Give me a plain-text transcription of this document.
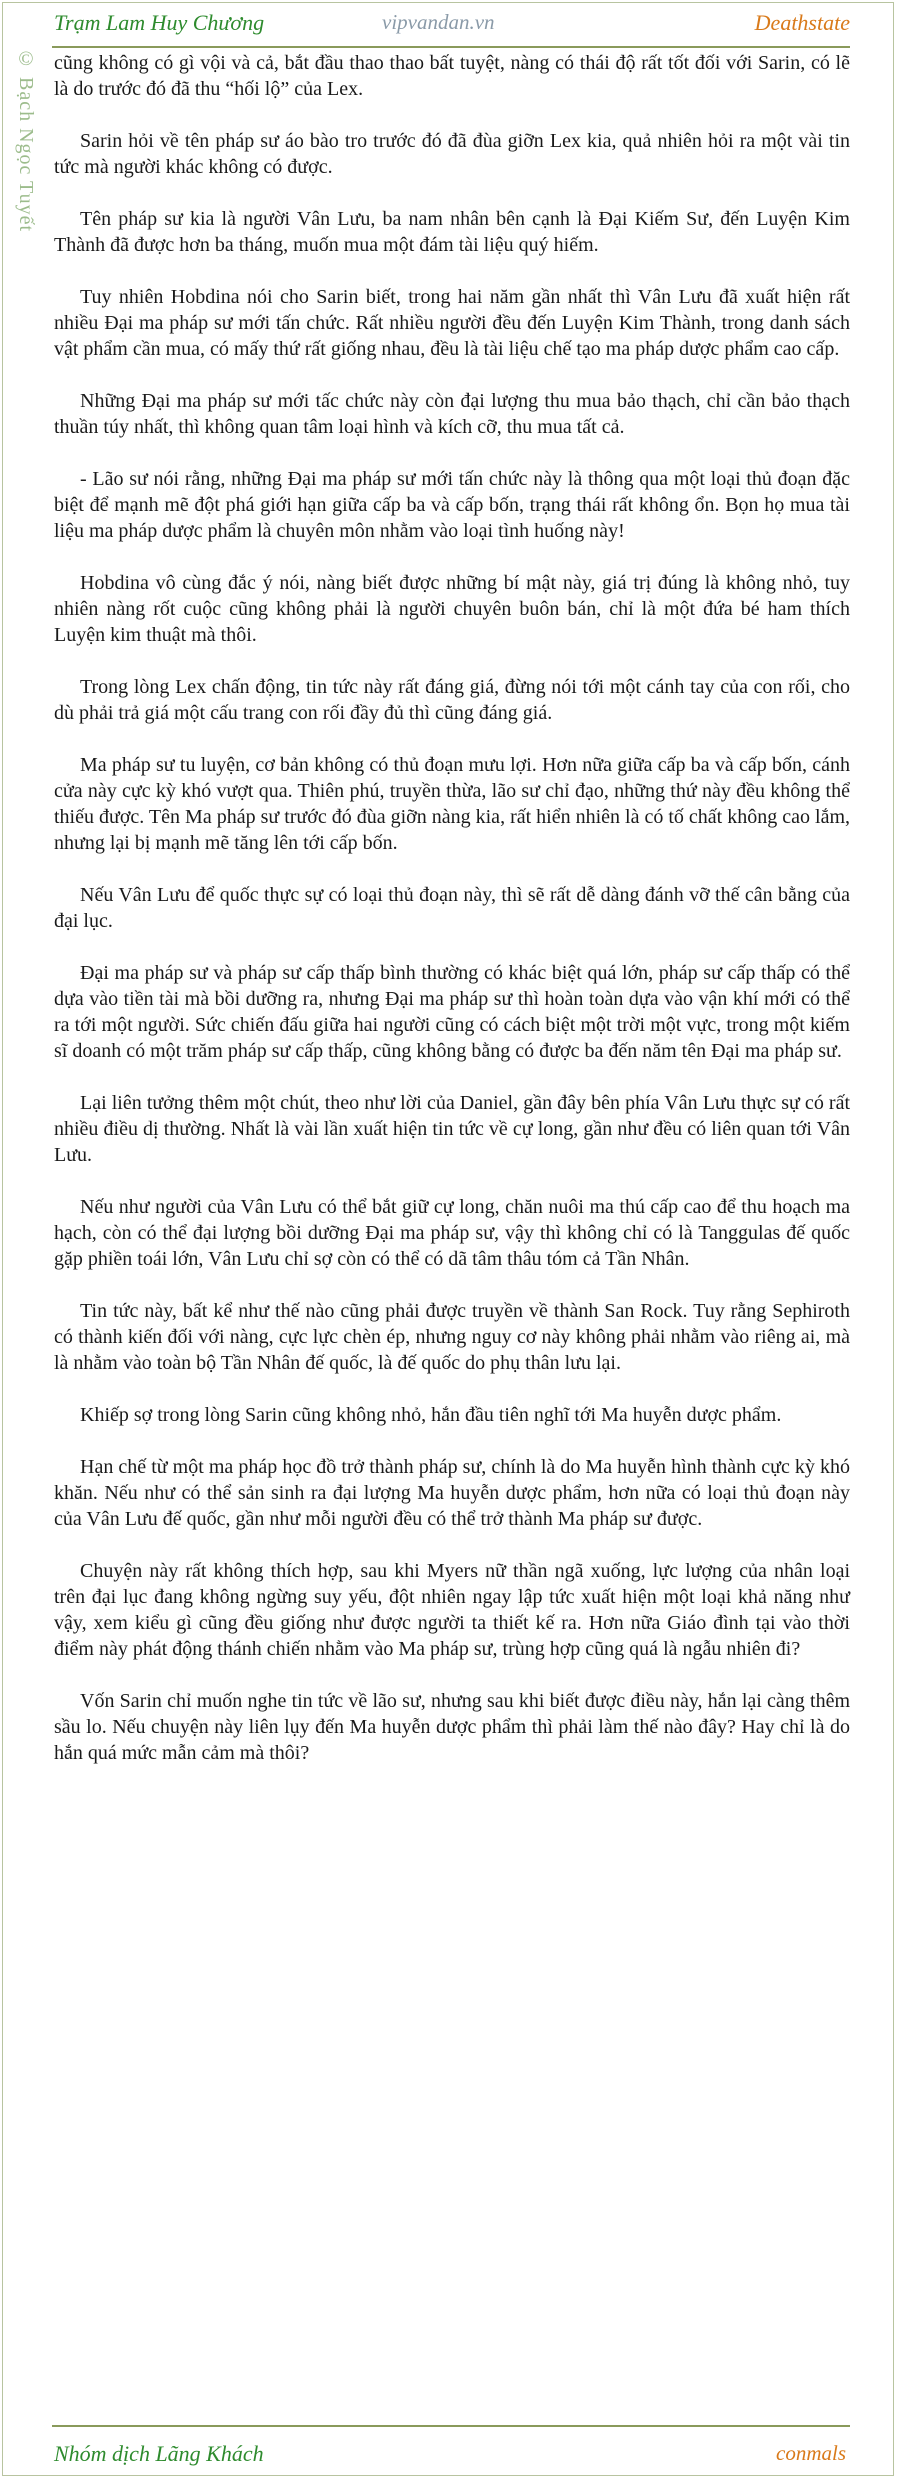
Trạm Lam Huy Chương	vipvandan.vn	Deathstate
© Bạch Ngọc Tuyết cũng không có gì vội và cả, bắt đầu thao thao bất tuyệt, nàng có thái độ rất tốt đối với Sarin, có lẽ là do trước đó đã thu “hối lộ” của Lex.

Sarin hỏi về tên pháp sư áo bào tro trước đó đã đùa giỡn Lex kia, quả nhiên hỏi ra một vài tin tức mà người khác không có được.

Tên pháp sư kia là người Vân Lưu, ba nam nhân bên cạnh là Đại Kiếm Sư, đến Luyện Kim Thành đã được hơn ba tháng, muốn mua một đám tài liệu quý hiếm.

Tuy nhiên Hobdina nói cho Sarin biết, trong hai năm gần nhất thì Vân Lưu đã xuất hiện rất nhiều Đại ma pháp sư mới tấn chức. Rất nhiều người đều đến Luyện Kim Thành, trong danh sách vật phẩm cần mua, có mấy thứ rất giống nhau, đều là tài liệu chế tạo ma pháp dược phẩm cao cấp.

Những Đại ma pháp sư mới tấc chức này còn đại lượng thu mua bảo thạch, chỉ cần bảo thạch thuần túy nhất, thì không quan tâm loại hình và kích cỡ, thu mua tất cả.

- Lão sư nói rằng, những Đại ma pháp sư mới tấn chức này là thông qua một loại thủ đoạn đặc biệt để mạnh mẽ đột phá giới hạn giữa cấp ba và cấp bốn, trạng thái rất không ổn. Bọn họ mua tài liệu ma pháp dược phẩm là chuyên môn nhằm vào loại tình huống này!

Hobdina vô cùng đắc ý nói, nàng biết được những bí mật này, giá trị đúng là không nhỏ, tuy nhiên nàng rốt cuộc cũng không phải là người chuyên buôn bán, chỉ là một đứa bé ham thích Luyện kim thuật mà thôi.

Trong lòng Lex chấn động, tin tức này rất đáng giá, đừng nói tới một cánh tay của con rối, cho dù phải trả giá một cấu trang con rối đầy đủ thì cũng đáng giá.

Ma pháp sư tu luyện, cơ bản không có thủ đoạn mưu lợi. Hơn nữa giữa cấp ba và cấp bốn, cánh cửa này cực kỳ khó vượt qua. Thiên phú, truyền thừa, lão sư chỉ đạo, những thứ này đều không thể thiếu được. Tên Ma pháp sư trước đó đùa giỡn nàng kia, rất hiển nhiên là có tố chất không cao lắm, nhưng lại bị mạnh mẽ tăng lên tới cấp bốn.

Nếu Vân Lưu để quốc thực sự có loại thủ đoạn này, thì sẽ rất dễ dàng đánh vỡ thế cân bằng của đại lục.

Đại ma pháp sư và pháp sư cấp thấp bình thường có khác biệt quá lớn, pháp sư cấp thấp có thể dựa vào tiền tài mà bồi dưỡng ra, nhưng Đại ma pháp sư thì hoàn toàn dựa vào vận khí mới có thể ra tới một người. Sức chiến đấu giữa hai người cũng có cách biệt một trời một vực, trong một kiếm sĩ doanh có một trăm pháp sư cấp thấp, cũng không bằng có được ba đến năm tên Đại ma pháp sư.

Lại liên tưởng thêm một chút, theo như lời của Daniel, gần đây bên phía Vân Lưu thực sự có rất nhiều điều dị thường. Nhất là vài lần xuất hiện tin tức về cự long, gần như đều có liên quan tới Vân Lưu.

Nếu như người của Vân Lưu có thể bắt giữ cự long, chăn nuôi ma thú cấp cao để thu hoạch ma hạch, còn có thể đại lượng bồi dưỡng Đại ma pháp sư, vậy thì không chỉ có là Tanggulas đế quốc gặp phiền toái lớn, Vân Lưu chỉ sợ còn có thể có dã tâm thâu tóm cả Tần Nhân.

Tin tức này, bất kể như thế nào cũng phải được truyền về thành San Rock. Tuy rằng Sephiroth có thành kiến đối với nàng, cực lực chèn ép, nhưng nguy cơ này không phải nhằm vào riêng ai, mà là nhằm vào toàn bộ Tần Nhân đế quốc, là đế quốc do phụ thân lưu lại.

Khiếp sợ trong lòng Sarin cũng không nhỏ, hắn đầu tiên nghĩ tới Ma huyễn dược phẩm.

Hạn chế từ một ma pháp học đồ trở thành pháp sư, chính là do Ma huyễn hình thành cực kỳ khó khăn. Nếu như có thể sản sinh ra đại lượng Ma huyễn dược phẩm, hơn nữa có loại thủ đoạn này của Vân Lưu đế quốc, gần như mỗi người đều có thể trở thành Ma pháp sư được.

Chuyện này rất không thích hợp, sau khi Myers nữ thần ngã xuống, lực lượng của nhân loại trên đại lục đang không ngừng suy yếu, đột nhiên ngay lập tức xuất hiện một loại khả năng như vậy, xem kiểu gì cũng đều giống như được người ta thiết kế ra. Hơn nữa Giáo đình tại vào thời điểm này phát động thánh chiến nhằm vào Ma pháp sư, trùng hợp cũng quá là ngẫu nhiên đi?

Vốn Sarin chỉ muốn nghe tin tức về lão sư, nhưng sau khi biết được điều này, hắn lại càng thêm sầu lo. Nếu chuyện này liên lụy đến Ma huyễn dược phẩm thì phải làm thế nào đây? Hay chỉ là do hắn quá mức mẫn cảm mà thôi?

Nhóm dịch Lãng Khách	conmals
